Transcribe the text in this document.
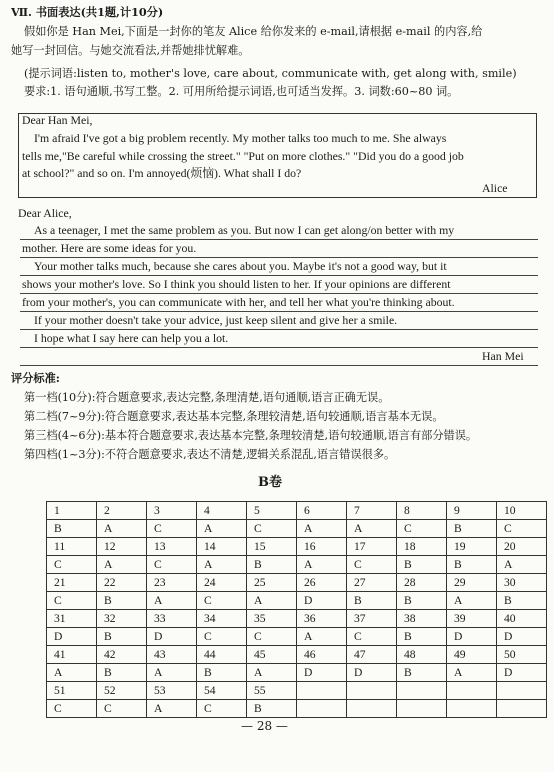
Ⅶ. 书面表达(共1题,计10分)
假如你是 Han Mei,下面是一封你的笔友 Alice 给你发来的 e-mail,请根据 e-mail 的内容,给
她写一封回信。与她交流看法,并帮她排忧解难。
(提示词语:listen to, mother's love, care about, communicate with, get along with, smile)
要求:1. 语句通顺,书写工整。2. 可用所给提示词语,也可适当发挥。3. 词数:60~80 词。
Dear Han Mei,
I'm afraid I've got a big problem recently. My mother talks too much to me. She always
tells me,"Be careful while crossing the street." "Put on more clothes." "Did you do a good job
at school?" and so on. I'm annoyed(烦恼). What shall I do?
Alice
Dear Alice,
As a teenager, I met the same problem as you. But now I can get along/on better with my
mother. Here are some ideas for you.
Your mother talks much, because she cares about you. Maybe it's not a good way, but it
shows your mother's love. So I think you should listen to her. If your opinions are different
from your mother's, you can communicate with her, and tell her what you're thinking about.
If your mother doesn't take your advice, just keep silent and give her a smile.
I hope what I say here can help you a lot.
Han Mei
评分标准:
第一档(10分):符合题意要求,表达完整,条理清楚,语句通顺,语言正确无误。
第二档(7~9分):符合题意要求,表达基本完整,条理较清楚,语句较通顺,语言基本无误。
第三档(4~6分):基本符合题意要求,表达基本完整,条理较清楚,语句较通顺,语言有部分错误。
第四档(1~3分):不符合题意要求,表达不清楚,逻辑关系混乱,语言错误很多。
B卷
1	2	3	4	5	6	7	8	9	10
B	A	C	A	C	A	A	C	B	C
11	12	13	14	15	16	17	18	19	20
C	A	C	A	B	A	C	B	B	A
21	22	23	24	25	26	27	28	29	30
C	B	A	C	A	D	B	B	A	B
31	32	33	34	35	36	37	38	39	40
D	B	D	C	C	A	C	B	D	D
41	42	43	44	45	46	47	48	49	50
A	B	A	B	A	D	D	B	A	D
51	52	53	54	55					
C	C	A	C	B					
— 28 —
